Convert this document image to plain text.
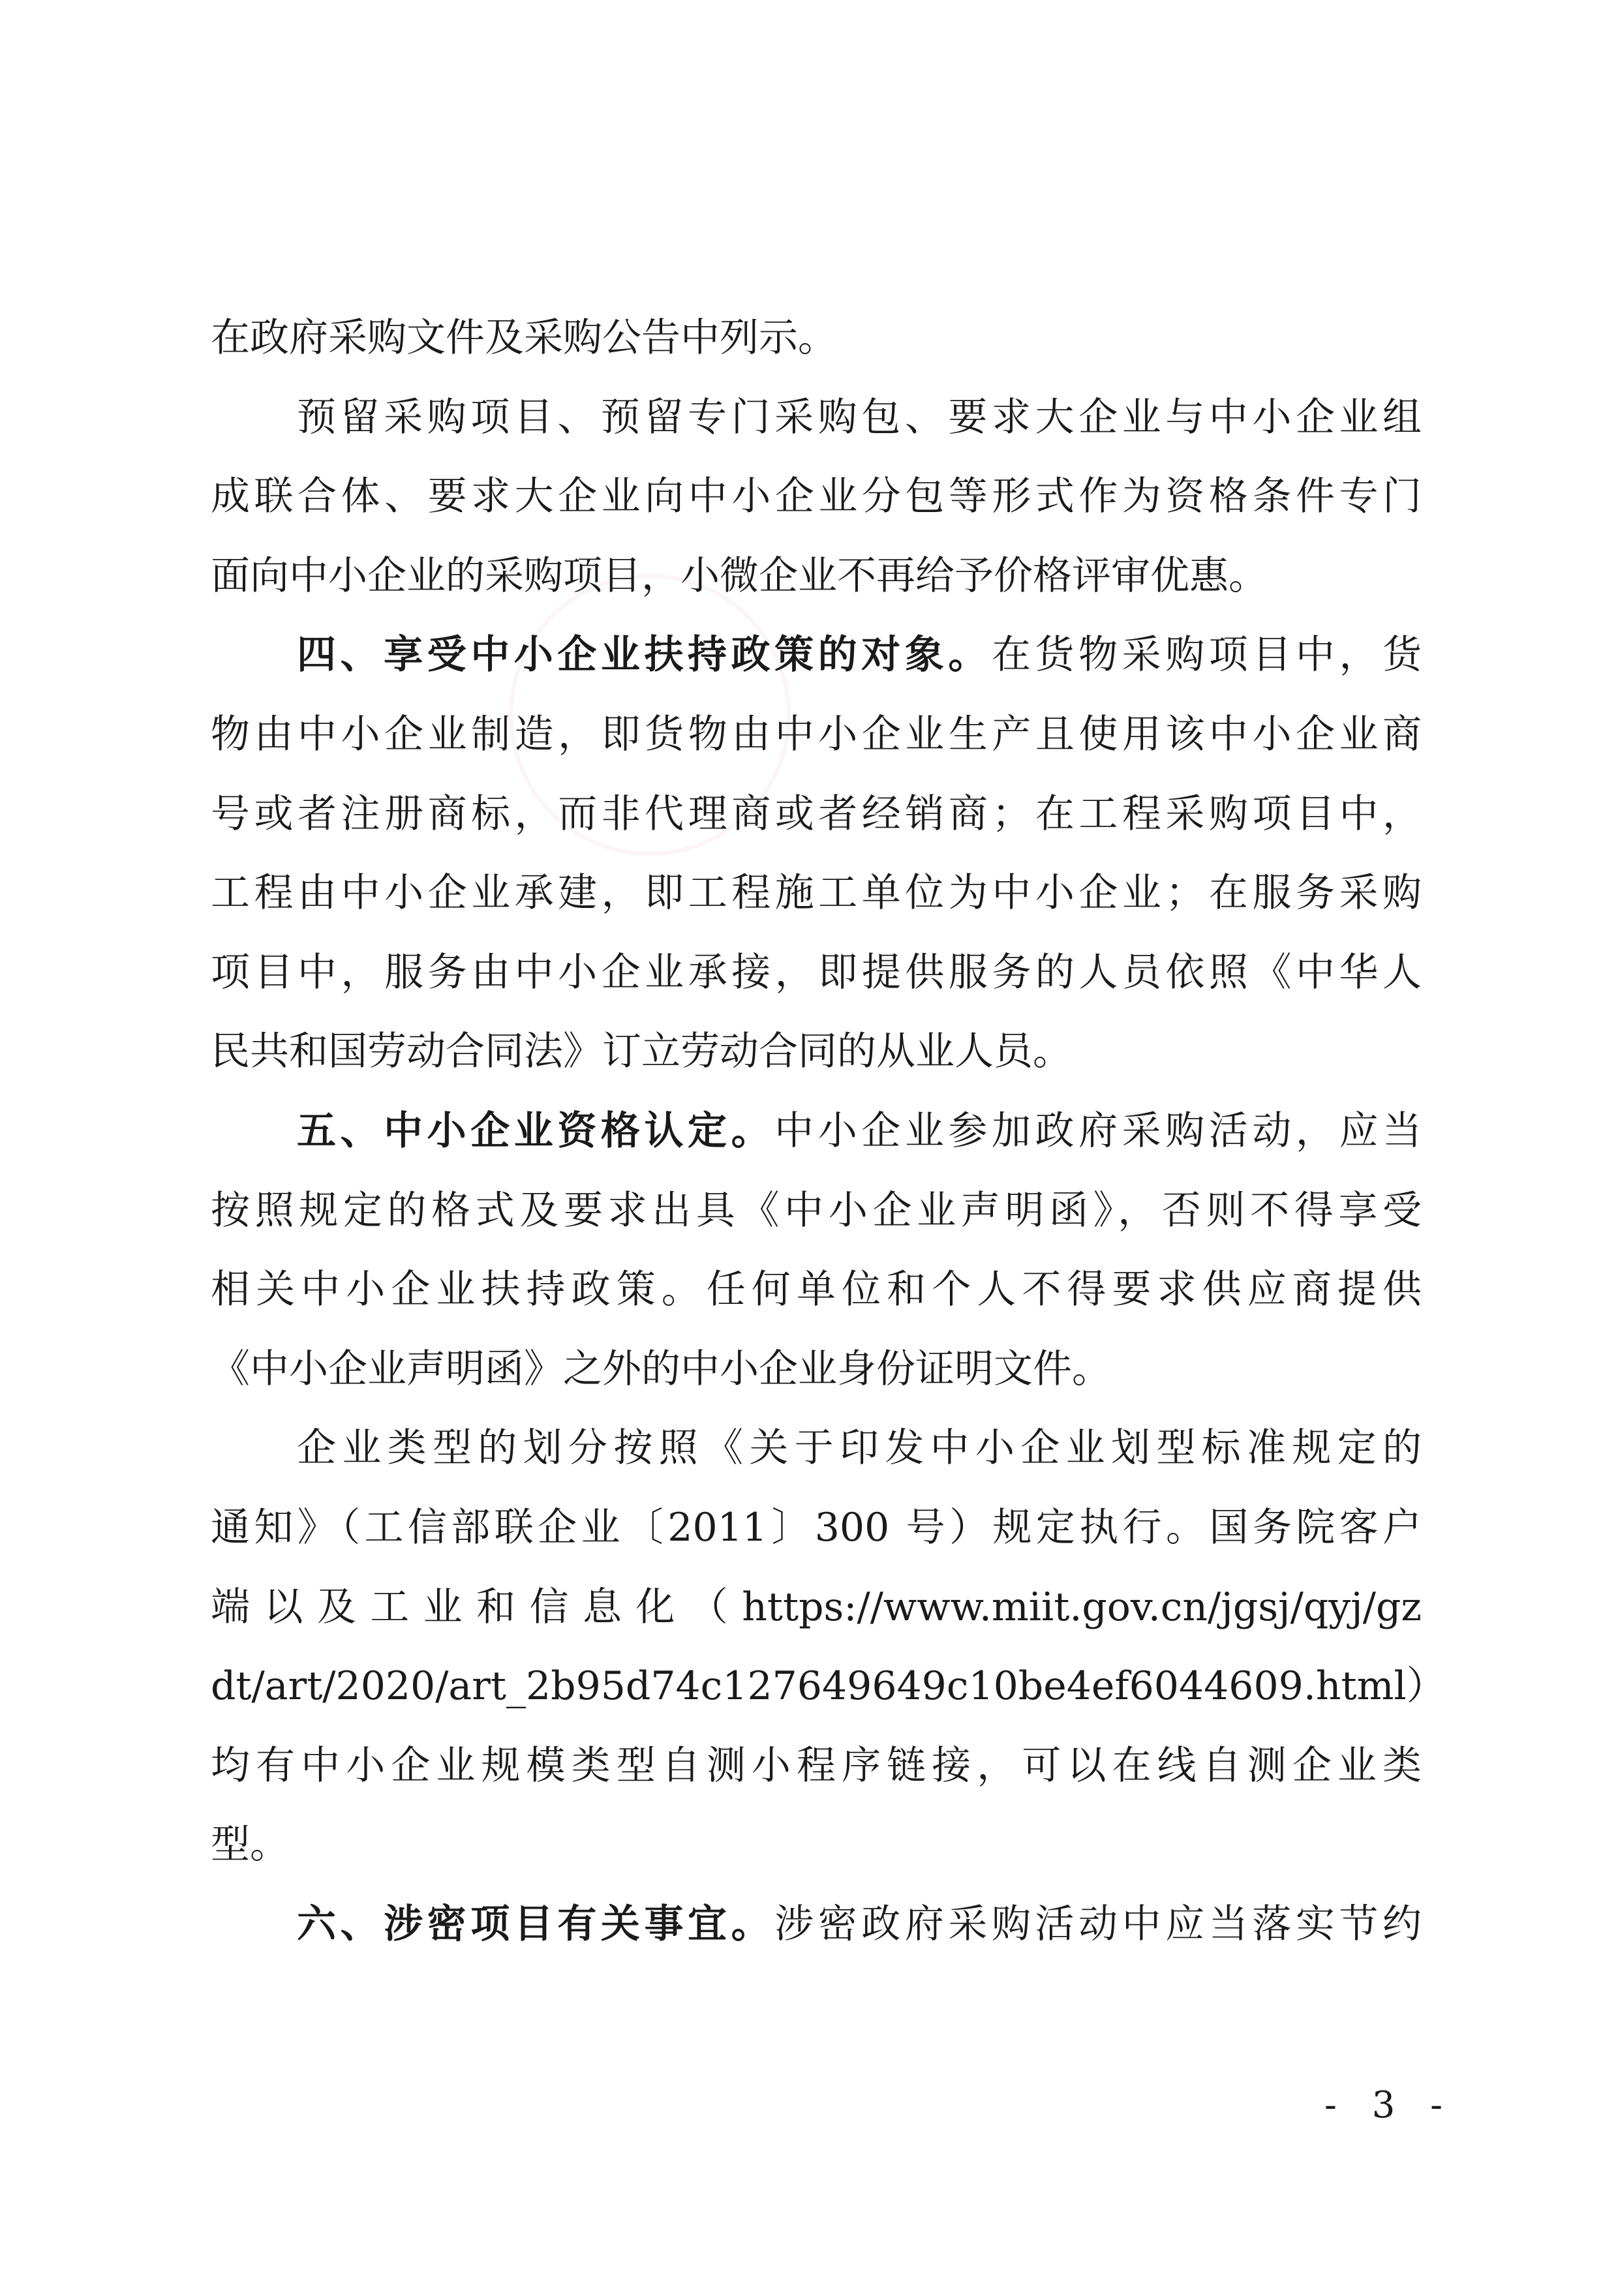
在政府采购文件及采购公告中列示。
预留采购项目、预留专门采购包、要求大企业与中小企业组
成联合体、要求大企业向中小企业分包等形式作为资格条件专门
面向中小企业的采购项目，小微企业不再给予价格评审优惠。
四、享受中小企业扶持政策的对象。在货物采购项目中，货
物由中小企业制造，即货物由中小企业生产且使用该中小企业商
号或者注册商标，而非代理商或者经销商；在工程采购项目中，
工程由中小企业承建，即工程施工单位为中小企业；在服务采购
项目中，服务由中小企业承接，即提供服务的人员依照《中华人
民共和国劳动合同法》订立劳动合同的从业人员。
五、中小企业资格认定。中小企业参加政府采购活动，应当
按照规定的格式及要求出具《中小企业声明函》，否则不得享受
相关中小企业扶持政策。任何单位和个人不得要求供应商提供
《中小企业声明函》之外的中小企业身份证明文件。
企业类型的划分按照《关于印发中小企业划型标准规定的
通知》（工信部联企业〔2011〕300 号）规定执行。国务院客户
端以及工业和信息化（https://www.miit.gov.cn/jgsj/qyj/gz
dt/art/2020/art_2b95d74c127649649c10be4ef6044609.html）
均有中小企业规模类型自测小程序链接，可以在线自测企业类
型。
六、涉密项目有关事宜。涉密政府采购活动中应当落实节约
- 3 -
